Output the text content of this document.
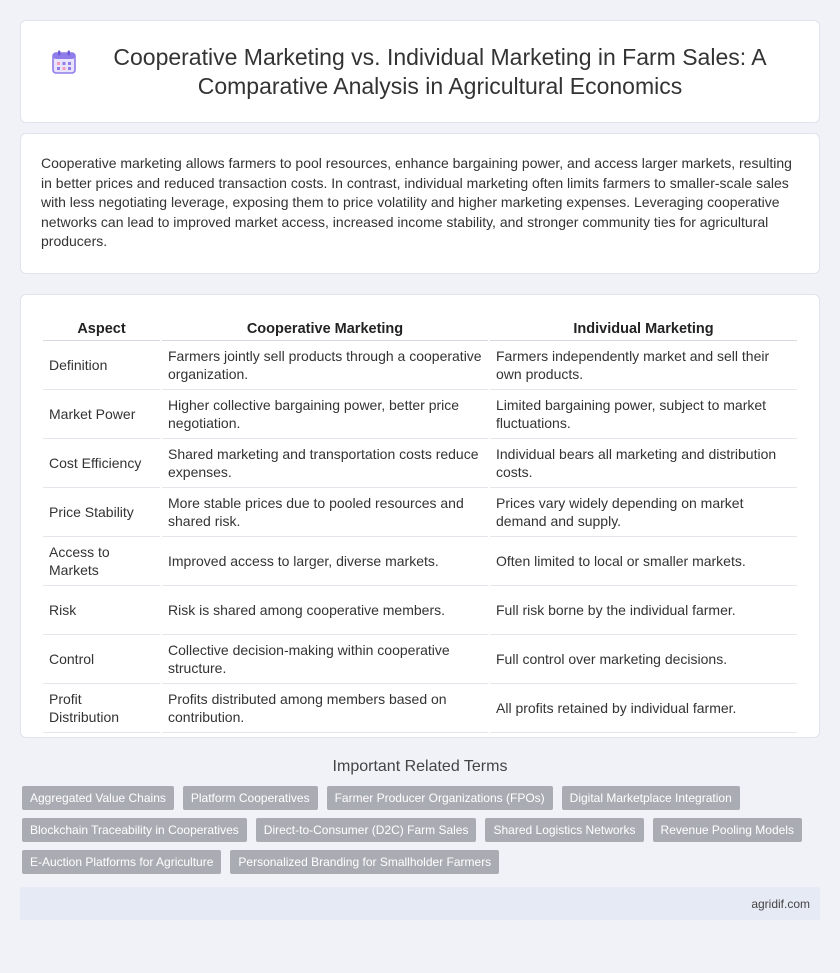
Cooperative Marketing vs. Individual Marketing in Farm Sales: A Comparative Analysis in Agricultural Economics
Cooperative marketing allows farmers to pool resources, enhance bargaining power, and access larger markets, resulting in better prices and reduced transaction costs. In contrast, individual marketing often limits farmers to smaller-scale sales with less negotiating leverage, exposing them to price volatility and higher marketing expenses. Leveraging cooperative networks can lead to improved market access, increased income stability, and stronger community ties for agricultural producers.
Aspect	Cooperative Marketing	Individual Marketing
Definition	Farmers jointly sell products through a cooperative organization.	Farmers independently market and sell their own products.
Market Power	Higher collective bargaining power, better price negotiation.	Limited bargaining power, subject to market fluctuations.
Cost Efficiency	Shared marketing and transportation costs reduce expenses.	Individual bears all marketing and distribution costs.
Price Stability	More stable prices due to pooled resources and shared risk.	Prices vary widely depending on market demand and supply.
Access to Markets	Improved access to larger, diverse markets.	Often limited to local or smaller markets.
Risk	Risk is shared among cooperative members.	Full risk borne by the individual farmer.
Control	Collective decision-making within cooperative structure.	Full control over marketing decisions.
Profit Distribution	Profits distributed among members based on contribution.	All profits retained by individual farmer.
Important Related Terms
Aggregated Value Chains	Platform Cooperatives	Farmer Producer Organizations (FPOs)	Digital Marketplace Integration
Blockchain Traceability in Cooperatives	Direct-to-Consumer (D2C) Farm Sales	Shared Logistics Networks	Revenue Pooling Models
E-Auction Platforms for Agriculture	Personalized Branding for Smallholder Farmers
agridif.com
